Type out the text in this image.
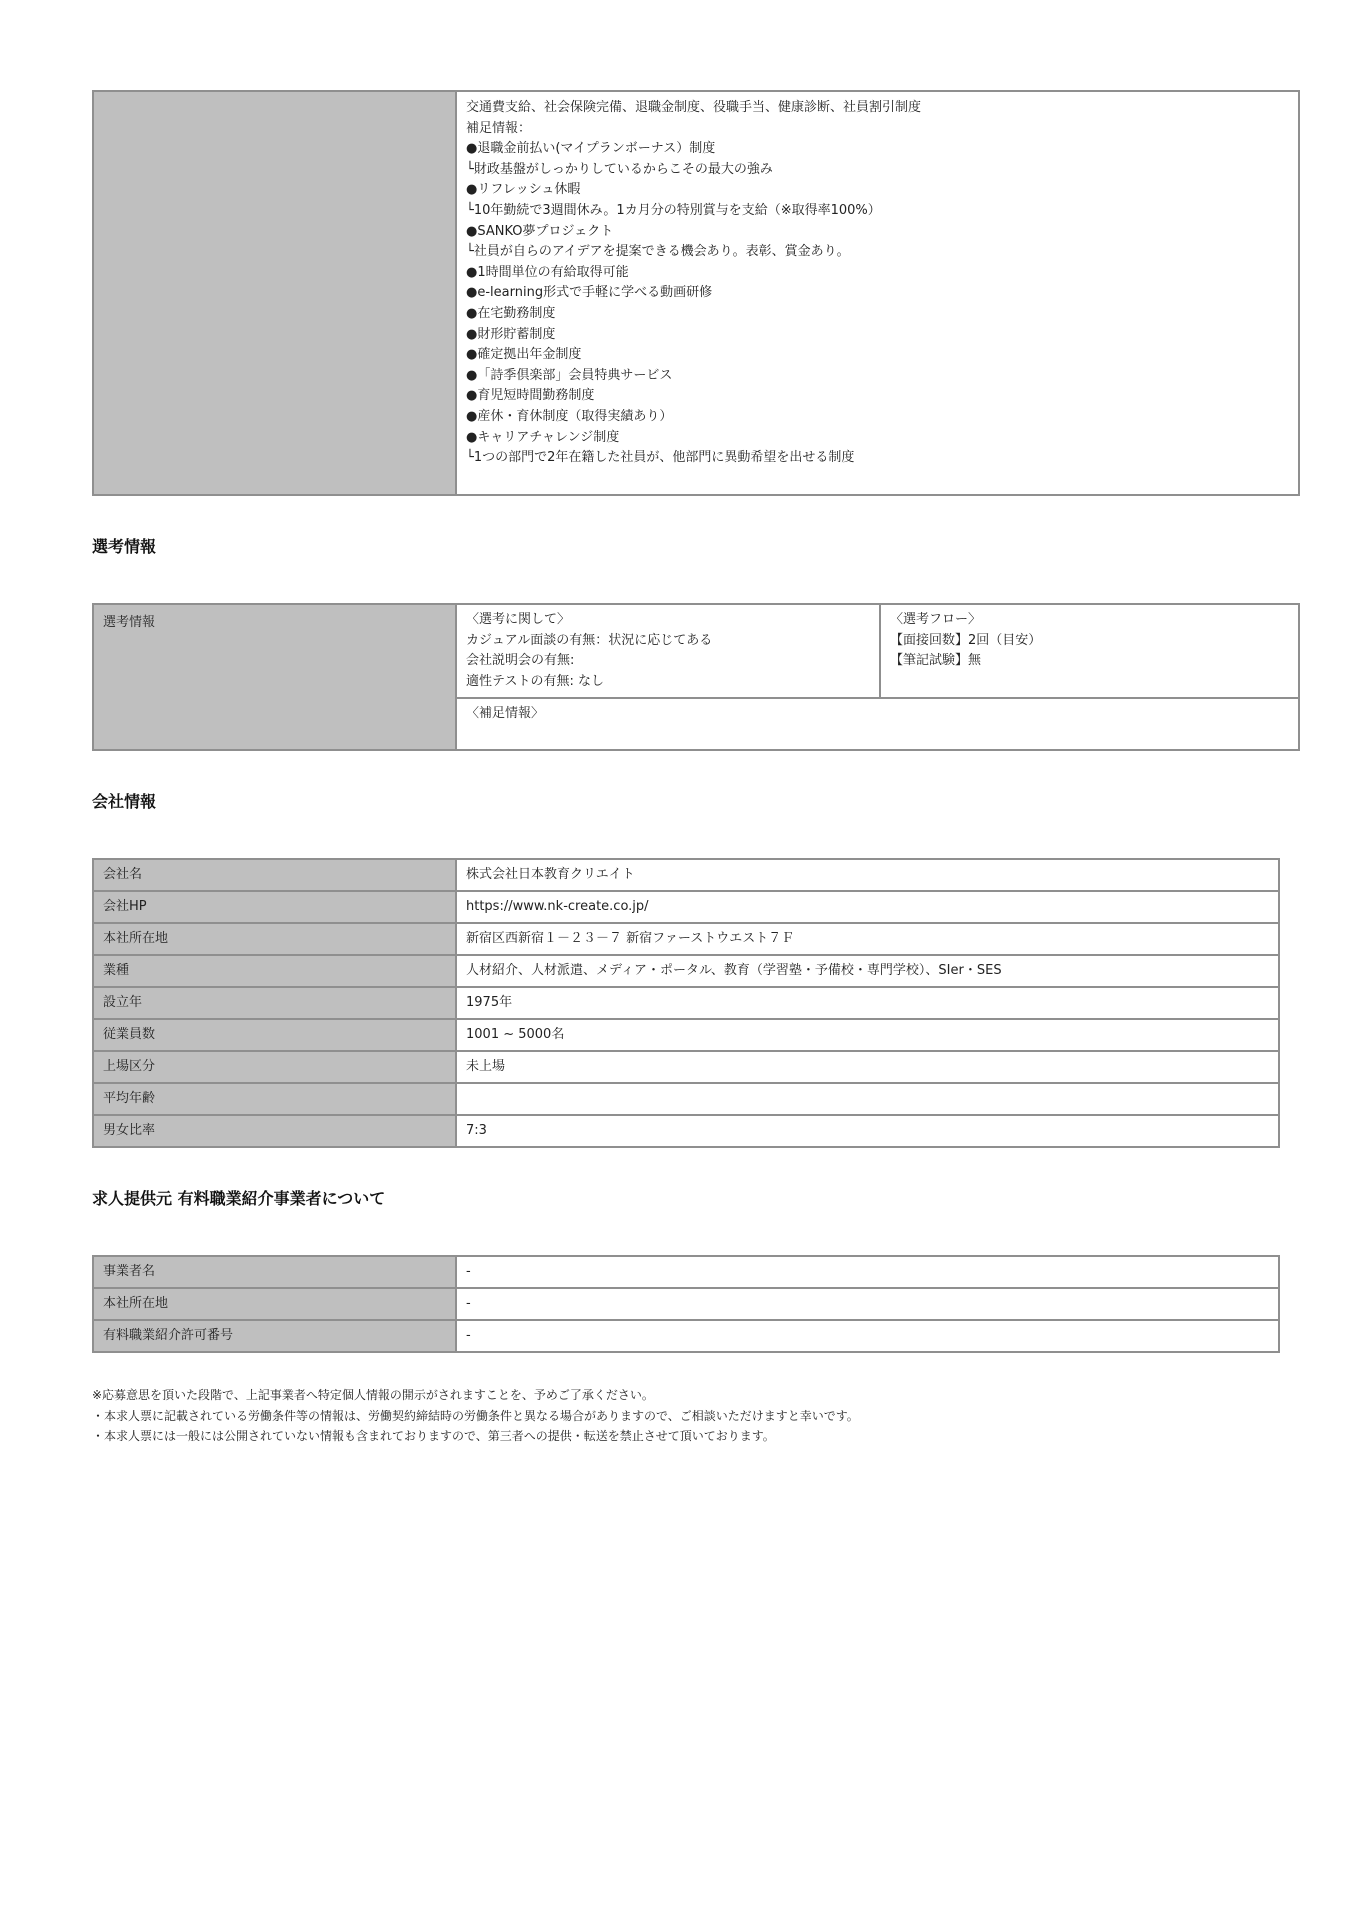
交通費支給、社会保険完備、退職金制度、役職手当、健康診断、社員割引制度
補足情報：
●退職金前払い(マイプランボーナス）制度
└財政基盤がしっかりしているからこその最大の強み
●リフレッシュ休暇
└10年勤続で3週間休み。1カ月分の特別賞与を支給（※取得率100%）
●SANKO夢プロジェクト
└社員が自らのアイデアを提案できる機会あり。表彰、賞金あり。
●1時間単位の有給取得可能
●e-learning形式で手軽に学べる動画研修
●在宅勤務制度
●財形貯蓄制度
●確定拠出年金制度
●「詩季倶楽部」会員特典サービス
●育児短時間勤務制度
●産休・育休制度（取得実績あり）
●キャリアチャレンジ制度
└1つの部門で2年在籍した社員が、他部門に異動希望を出せる制度
選考情報
選考情報	〈選考に関して〉
カジュアル面談の有無：状況に応じてある
会社説明会の有無:
適性テストの有無: なし

〈選考フロー〉
【面接回数】2回（目安）
【筆記試験】無

〈補足情報〉
会社情報
会社名	株式会社日本教育クリエイト
会社HP	https://www.nk-create.co.jp/
本社所在地	新宿区西新宿１－２３－７ 新宿ファーストウエスト７Ｆ
業種	人材紹介、人材派遣、メディア・ポータル、教育（学習塾・予備校・専門学校）、SIer・SES
設立年	1975年
従業員数	1001 ~ 5000名
上場区分	未上場
平均年齢	
男女比率	7:3
求人提供元 有料職業紹介事業者について
事業者名	-
本社所在地	-
有料職業紹介許可番号	-
※応募意思を頂いた段階で、上記事業者へ特定個人情報の開示がされますことを、予めご了承ください。
・本求人票に記載されている労働条件等の情報は、労働契約締結時の労働条件と異なる場合がありますので、ご相談いただけますと幸いです。
・本求人票には一般には公開されていない情報も含まれておりますので、第三者への提供・転送を禁止させて頂いております。
